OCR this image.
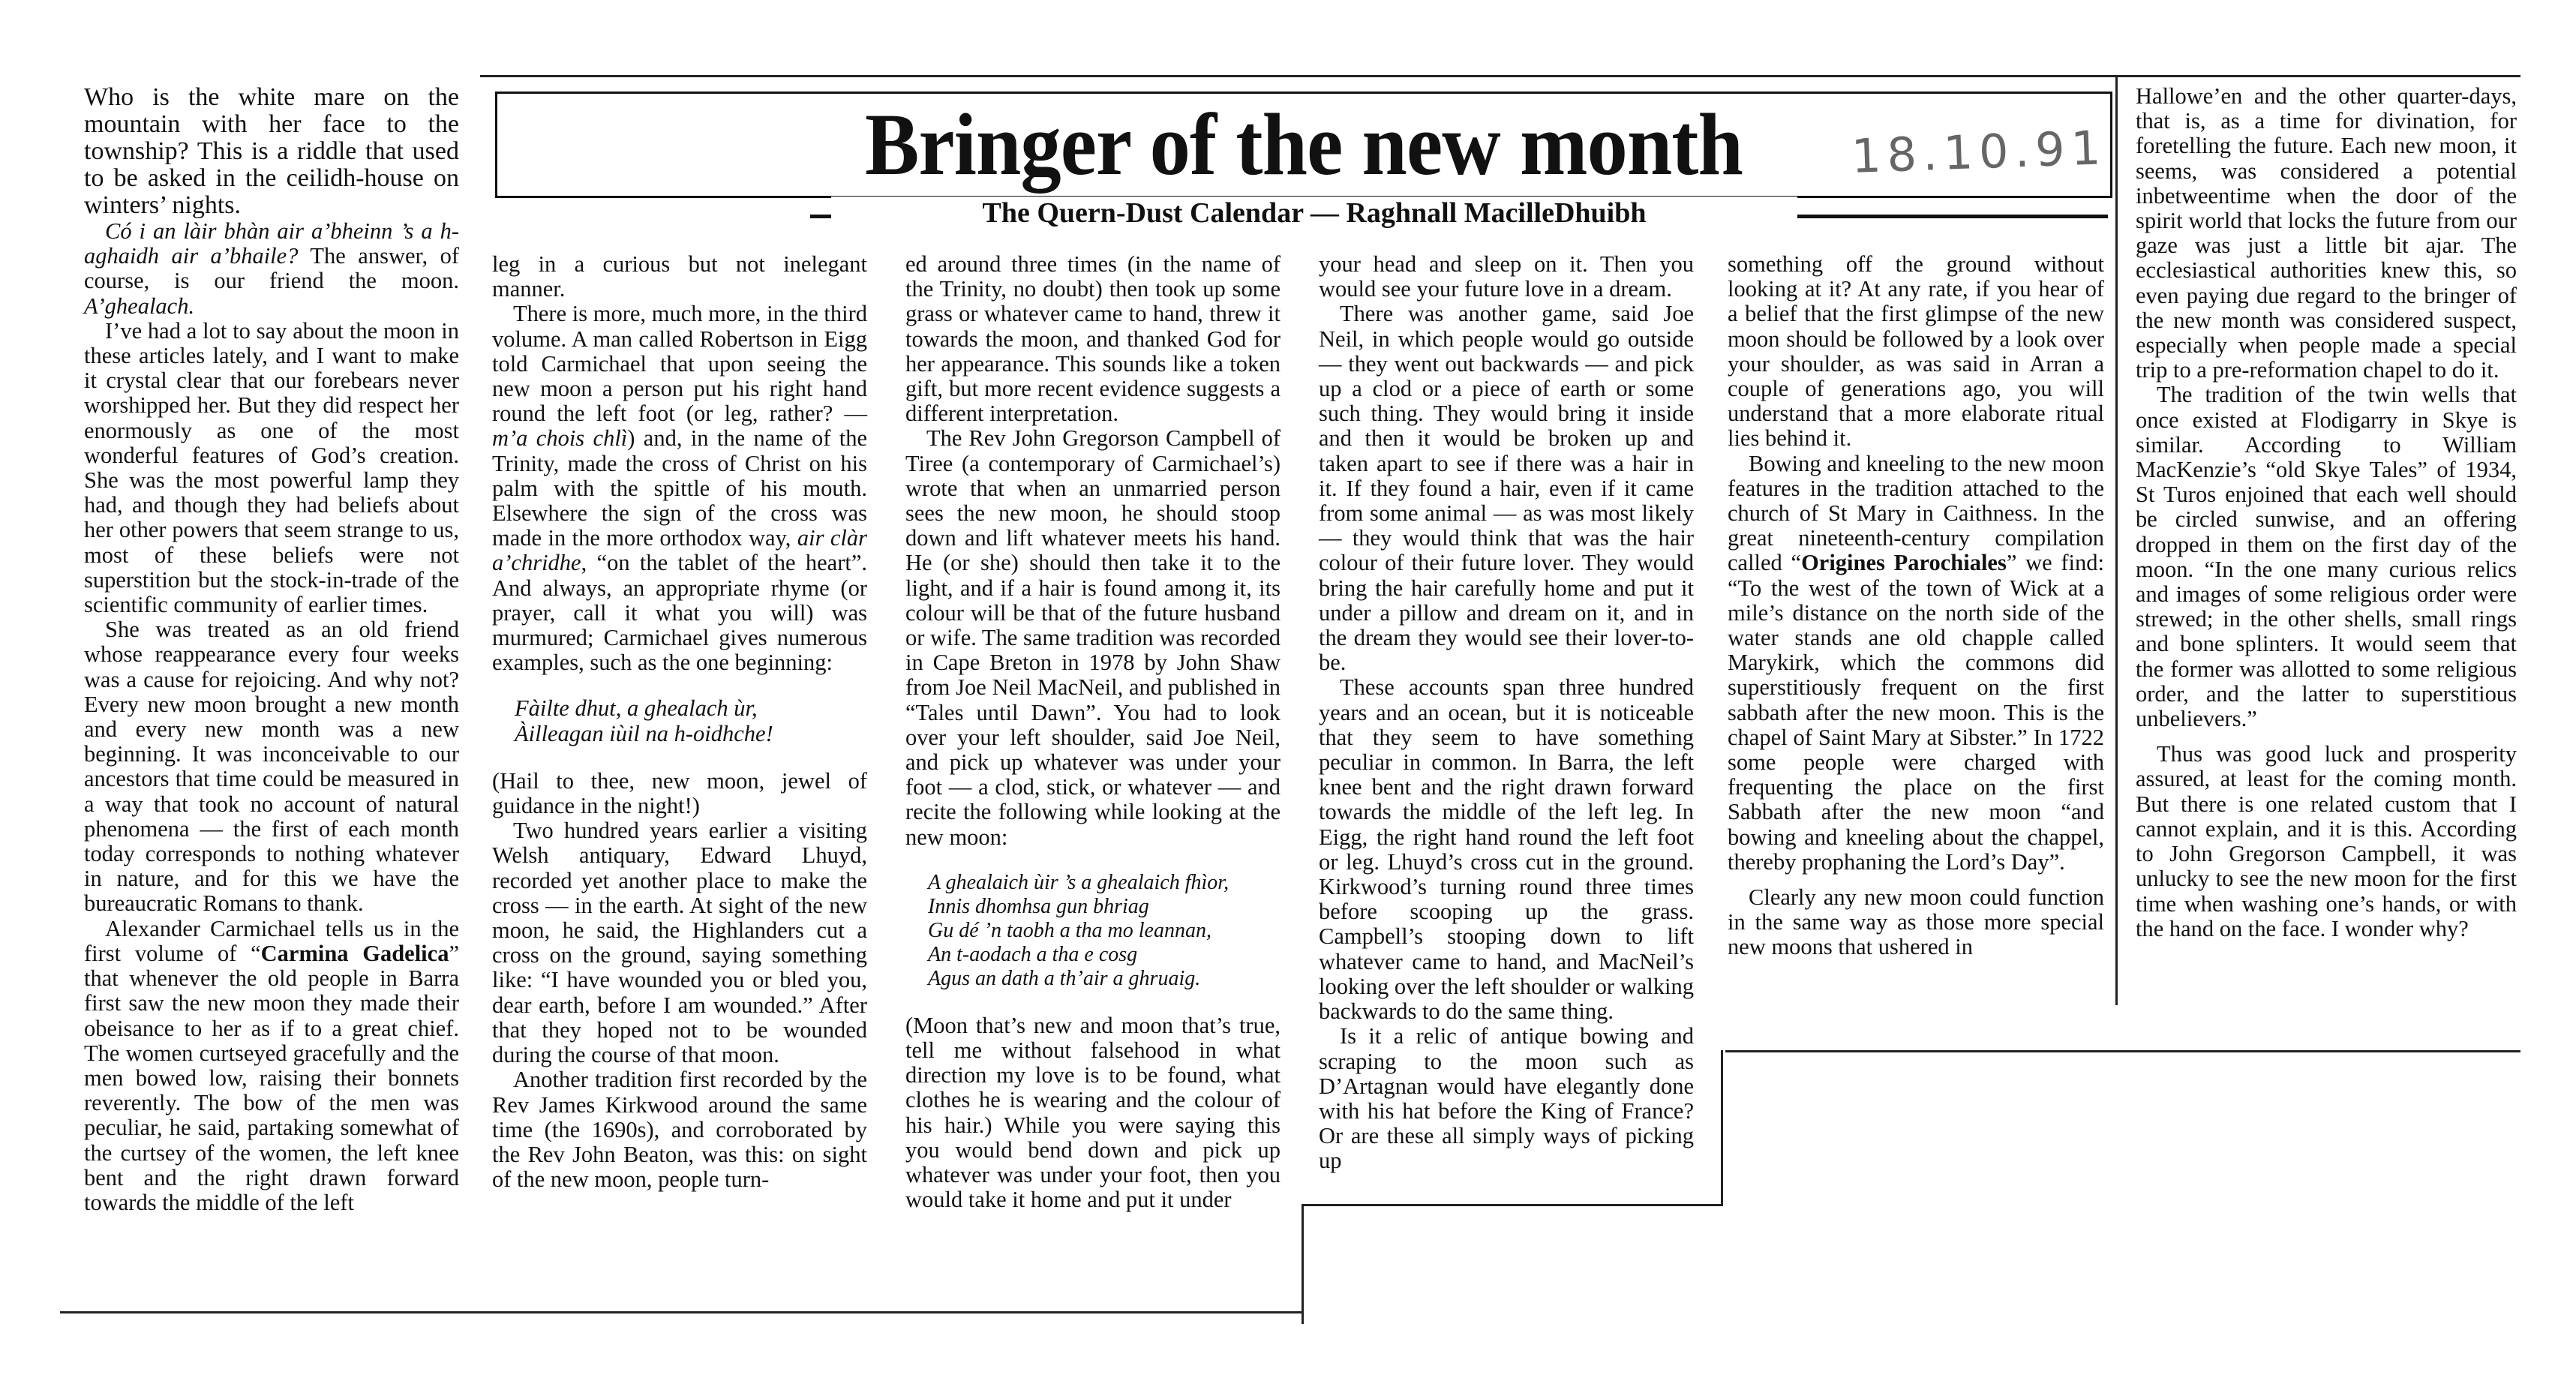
Bringer of the new month	18.10.91
The Quern-Dust Calendar — Raghnall MacilleDhuibh

Who is the white mare on the mountain with her face to the township? This is a riddle that used to be asked in the ceilidh-house on winters’ nights.

Có i an làir bhàn air a’bheinn ’s a h-aghaidh air a’bhaile? The answer, of course, is our friend the moon. A’ghealach.

I’ve had a lot to say about the moon in these articles lately, and I want to make it crystal clear that our forebears never worshipped her. But they did respect her enormously as one of the most wonderful features of God’s creation. She was the most powerful lamp they had, and though they had beliefs about her other powers that seem strange to us, most of these beliefs were not superstition but the stock-in-trade of the scientific community of earlier times.

She was treated as an old friend whose reappearance every four weeks was a cause for rejoicing. And why not? Every new moon brought a new month and every new month was a new beginning. It was inconceivable to our ancestors that time could be measured in a way that took no account of natural phenomena — the first of each month today corresponds to nothing whatever in nature, and for this we have the bureaucratic Romans to thank.

Alexander Carmichael tells us in the first volume of “Carmina Gadelica” that whenever the old people in Barra first saw the new moon they made their obeisance to her as if to a great chief. The women curtseyed gracefully and the men bowed low, raising their bonnets reverently. The bow of the men was peculiar, he said, partaking somewhat of the curtsey of the women, the left knee bent and the right drawn forward towards the middle of the left

leg in a curious but not inelegant manner.

There is more, much more, in the third volume. A man called Robertson in Eigg told Carmichael that upon seeing the new moon a person put his right hand round the left foot (or leg, rather? — m’a chois chlì) and, in the name of the Trinity, made the cross of Christ on his palm with the spittle of his mouth. Elsewhere the sign of the cross was made in the more orthodox way, air clàr a’chridhe, “on the tablet of the heart”. And always, an appropriate rhyme (or prayer, call it what you will) was murmured; Carmichael gives numerous examples, such as the one beginning:

Fàilte dhut, a ghealach ùr,
Àilleagan iùil na h-oidhche!

(Hail to thee, new moon, jewel of guidance in the night!)

Two hundred years earlier a visiting Welsh antiquary, Edward Lhuyd, recorded yet another place to make the cross — in the earth. At sight of the new moon, he said, the Highlanders cut a cross on the ground, saying something like: “I have wounded you or bled you, dear earth, before I am wounded.” After that they hoped not to be wounded during the course of that moon.

Another tradition first recorded by the Rev James Kirkwood around the same time (the 1690s), and corroborated by the Rev John Beaton, was this: on sight of the new moon, people turn-

ed around three times (in the name of the Trinity, no doubt) then took up some grass or whatever came to hand, threw it towards the moon, and thanked God for her appearance. This sounds like a token gift, but more recent evidence suggests a different interpretation.

The Rev John Gregorson Campbell of Tiree (a contemporary of Carmichael’s) wrote that when an unmarried person sees the new moon, he should stoop down and lift whatever meets his hand. He (or she) should then take it to the light, and if a hair is found among it, its colour will be that of the future husband or wife. The same tradition was recorded in Cape Breton in 1978 by John Shaw from Joe Neil MacNeil, and published in “Tales until Dawn”. You had to look over your left shoulder, said Joe Neil, and pick up whatever was under your foot — a clod, stick, or whatever — and recite the following while looking at the new moon:

A ghealaich ùir ’s a ghealaich fhìor,
Innis dhomhsa gun bhriag
Gu dé ’n taobh a tha mo leannan,
An t-aodach a tha e cosg
Agus an dath a th’air a ghruaig.

(Moon that’s new and moon that’s true, tell me without falsehood in what direction my love is to be found, what clothes he is wearing and the colour of his hair.) While you were saying this you would bend down and pick up whatever was under your foot, then you would take it home and put it under

your head and sleep on it. Then you would see your future love in a dream.

There was another game, said Joe Neil, in which people would go outside — they went out backwards — and pick up a clod or a piece of earth or some such thing. They would bring it inside and then it would be broken up and taken apart to see if there was a hair in it. If they found a hair, even if it came from some animal — as was most likely — they would think that was the hair colour of their future lover. They would bring the hair carefully home and put it under a pillow and dream on it, and in the dream they would see their lover-to-be.

These accounts span three hundred years and an ocean, but it is noticeable that they seem to have something peculiar in common. In Barra, the left knee bent and the right drawn forward towards the middle of the left leg. In Eigg, the right hand round the left foot or leg. Lhuyd’s cross cut in the ground. Kirkwood’s turning round three times before scooping up the grass. Campbell’s stooping down to lift whatever came to hand, and MacNeil’s looking over the left shoulder or walking backwards to do the same thing.

Is it a relic of antique bowing and scraping to the moon such as D’Artagnan would have elegantly done with his hat before the King of France? Or are these all simply ways of picking up

something off the ground without looking at it? At any rate, if you hear of a belief that the first glimpse of the new moon should be followed by a look over your shoulder, as was said in Arran a couple of generations ago, you will understand that a more elaborate ritual lies behind it.

Bowing and kneeling to the new moon features in the tradition attached to the church of St Mary in Caithness. In the great nineteenth-century compilation called “Origines Parochiales” we find: “To the west of the town of Wick at a mile’s distance on the north side of the water stands ane old chapple called Marykirk, which the commons did superstitiously frequent on the first sabbath after the new moon. This is the chapel of Saint Mary at Sibster.” In 1722 some people were charged with frequenting the place on the first Sabbath after the new moon “and bowing and kneeling about the chappel, thereby prophaning the Lord’s Day”.

Clearly any new moon could function in the same way as those more special new moons that ushered in

Hallowe’en and the other quarter-days, that is, as a time for divination, for foretelling the future. Each new moon, it seems, was considered a potential inbetweentime when the door of the spirit world that locks the future from our gaze was just a little bit ajar. The ecclesiastical authorities knew this, so even paying due regard to the bringer of the new month was considered suspect, especially when people made a special trip to a pre-reformation chapel to do it.

The tradition of the twin wells that once existed at Flodigarry in Skye is similar. According to William MacKenzie’s “old Skye Tales” of 1934, St Turos enjoined that each well should be circled sunwise, and an offering dropped in them on the first day of the moon. “In the one many curious relics and images of some religious order were strewed; in the other shells, small rings and bone splinters. It would seem that the former was allotted to some religious order, and the latter to superstitious unbelievers.”

Thus was good luck and prosperity assured, at least for the coming month. But there is one related custom that I cannot explain, and it is this. According to John Gregorson Campbell, it was unlucky to see the new moon for the first time when washing one’s hands, or with the hand on the face. I wonder why?
